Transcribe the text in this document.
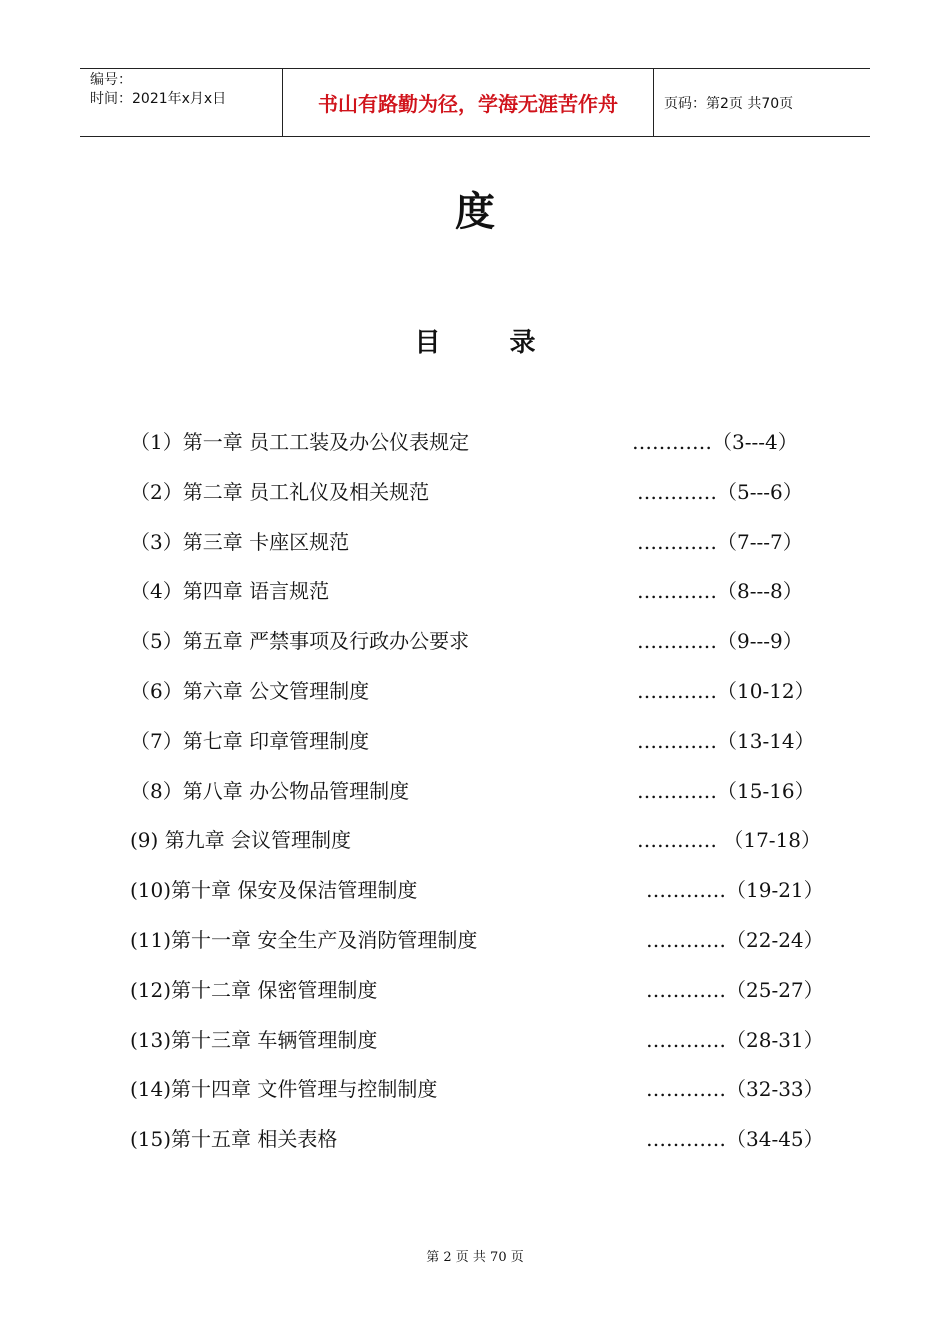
编号：
时间：2021年x月x日	书山有路勤为径，学海无涯苦作舟	页码：第2页 共70页
度
目 录
（1）第一章 员工工装及办公仪表规定	…………（3---4）
（2）第二章 员工礼仪及相关规范	…………（5---6）
（3）第三章 卡座区规范	…………（7---7）
（4）第四章 语言规范	…………（8---8）
（5）第五章 严禁事项及行政办公要求	…………（9---9）
（6）第六章 公文管理制度	…………（10-12）
（7）第七章 印章管理制度	…………（13-14）
（8）第八章 办公物品管理制度	…………（15-16）
(9) 第九章 会议管理制度	………… （17-18）
(10)第十章 保安及保洁管理制度	…………（19-21）
(11)第十一章 安全生产及消防管理制度	…………（22-24）
(12)第十二章 保密管理制度	…………（25-27）
(13)第十三章 车辆管理制度	…………（28-31）
(14)第十四章 文件管理与控制制度	…………（32-33）
(15)第十五章 相关表格	…………（34-45）
第 2 页 共 70 页
